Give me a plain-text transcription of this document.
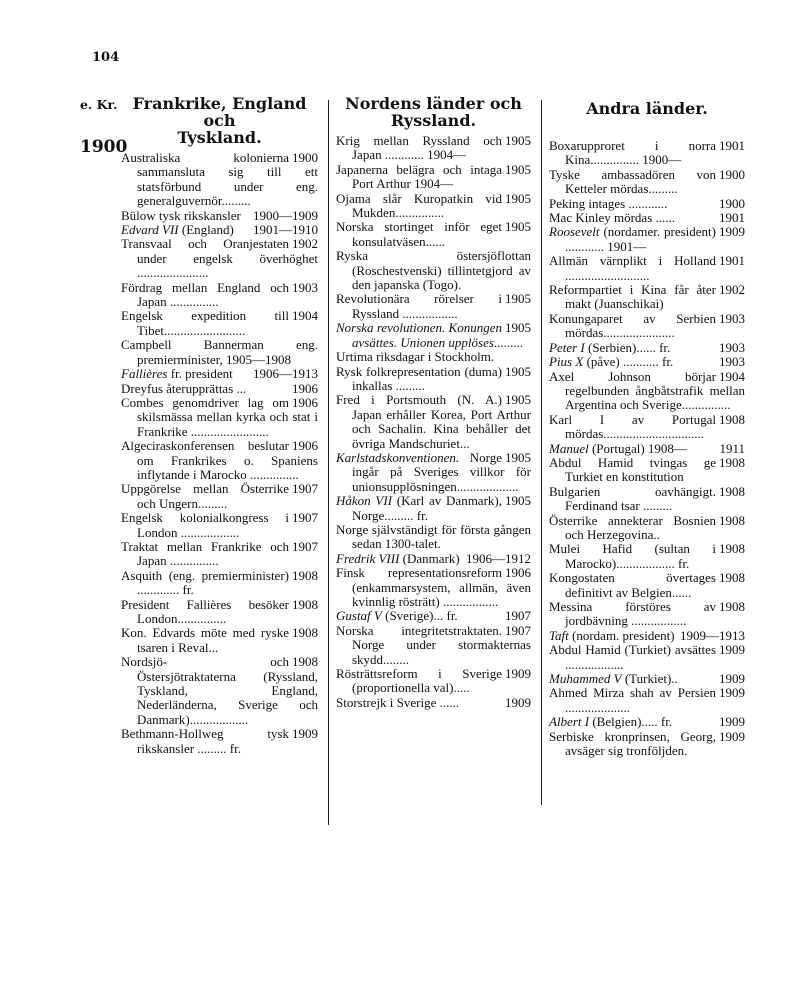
104
e. Kr.
1900
Frankrike, England och
Tyskland.
1900
Australiska kolonierna sammansluta sig till ett statsförbund under eng. generalguvernör.........
1900—1909
Bülow tysk rikskansler
1901—1910
Edvard VII (England)
1902
Transvaal och Oranjestaten under engelsk överhöghet ......................
1903
Fördrag mellan England och Japan ...............
1904
Engelsk expedition till Tibet.........................
Campbell Bannerman eng. premierminister, 1905—1908
1906—1913
Fallières fr. president
1906
Dreyfus återupprättas ...
1906
Combes genomdriver lag om skilsmässa mellan kyrka och stat i Frankrike ........................
1906
Algeciraskonferensen beslutar om Frankrikes o. Spaniens inflytande i Marocko ...............
1907
Uppgörelse mellan Österrike och Ungern.........
1907
Engelsk kolonialkongress i London ..................
1907
Traktat mellan Frankrike och Japan ...............
1908
Asquith (eng. premierminister) ............. fr.
1908
President Fallières besöker London...............
1908
Kon. Edvards möte med ryske tsaren i Reval...
1908
Nordsjö- och Östersjötraktaterna (Ryssland, Tyskland, England, Nederländerna, Sverige och Danmark)..................
1909
Bethmann-Hollweg tysk rikskansler ......... fr.
Nordens länder och
Ryssland.
1905
Krig mellan Ryssland och Japan ............ 1904—
1905
Japanerna belägra och intaga Port Arthur 1904—
1905
Ojama slår Kuropatkin vid Mukden...............
1905
Norska stortinget inför eget konsulatväsen......
Ryska östersjöflottan (Roschestvenski) tillintetgjord av den japanska (Togo).
1905
Revolutionära rörelser i Ryssland .................
1905
Norska revolutionen. Konungen avsättes. Unionen upplöses.........
Urtima riksdagar i Stockholm.
1905
Rysk folkrepresentation (duma) inkallas .........
1905
Fred i Portsmouth (N. A.) Japan erhåller Korea, Port Arthur och Sachalin. Kina behåller det övriga Mandschuriet...
1905
Karlstadskonventionen. Norge ingår på Sveriges villkor för unionsupplösningen...................
1905
Håkon VII (Karl av Danmark), Norge......... fr.
Norge självständigt för första gången sedan 1300-talet.
1906—1912
Fredrik VIII (Danmark)
1906
Finsk representationsreform (enkammarsystem, allmän, även kvinnlig rösträtt) .................
1907
Gustaf V (Sverige)... fr.
1907
Norska integritetstraktaten. Norge under stormakternas skydd........
1909
Rösträttsreform i Sverige (proportionella val).....
1909
Storstrejk i Sverige ......
Andra länder.
1901
Boxarupproret i norra Kina............... 1900—
1900
Tyske ambassadören von Ketteler mördas.........
1900
Peking intages ............
1901
Mac Kinley mördas ......
1909
Roosevelt (nordamer. president) ............ 1901—
1901
Allmän värnplikt i Holland ..........................
1902
Reformpartiet i Kina får åter makt (Juanschikai)
1903
Konungaparet av Serbien mördas......................
1903
Peter I (Serbien)...... fr.
1903
Pius X (påve) ........... fr.
1904
Axel Johnson börjar regelbunden ångbåtstrafik mellan Argentina och Sverige...............
1908
Karl I av Portugal mördas...............................
1911
Manuel (Portugal) 1908—
1908
Abdul Hamid tvingas ge Turkiet en konstitution
1908
Bulgarien oavhängigt. Ferdinand tsar .........
1908
Österrike annekterar Bosnien och Herzegovina..
1908
Mulei Hafid (sultan i Marocko).................. fr.
1908
Kongostaten övertages definitivt av Belgien......
1908
Messina förstöres av jordbävning .................
1909—1913
Taft (nordam. president)
1909
Abdul Hamid (Turkiet) avsättes ..................
1909
Muhammed V (Turkiet)..
1909
Ahmed Mirza shah av Persien ....................
1909
Albert I (Belgien)..... fr.
1909
Serbiske kronprinsen, Georg, avsäger sig tronföljden.
